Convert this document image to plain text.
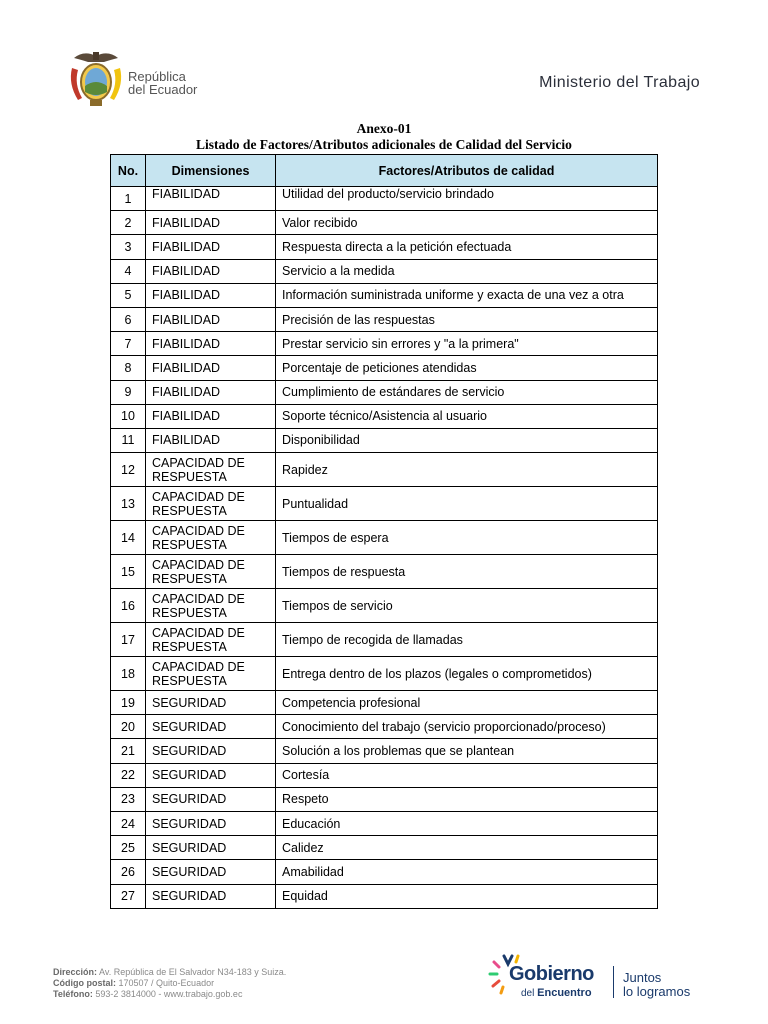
República
del Ecuador	Ministerio del Trabajo
Anexo-01
Listado de Factores/Atributos adicionales de Calidad del Servicio
No.	Dimensiones	Factores/Atributos de calidad
1	FIABILIDAD	Utilidad del producto/servicio brindado
2	FIABILIDAD	Valor recibido
3	FIABILIDAD	Respuesta directa a la petición efectuada
4	FIABILIDAD	Servicio a la medida
5	FIABILIDAD	Información suministrada uniforme y exacta de una vez a otra
6	FIABILIDAD	Precisión de las respuestas
7	FIABILIDAD	Prestar servicio sin errores y "a la primera"
8	FIABILIDAD	Porcentaje de peticiones atendidas
9	FIABILIDAD	Cumplimiento de estándares de servicio
10	FIABILIDAD	Soporte técnico/Asistencia al usuario
11	FIABILIDAD	Disponibilidad
12	CAPACIDAD DE RESPUESTA	Rapidez
13	CAPACIDAD DE RESPUESTA	Puntualidad
14	CAPACIDAD DE RESPUESTA	Tiempos de espera
15	CAPACIDAD DE RESPUESTA	Tiempos de respuesta
16	CAPACIDAD DE RESPUESTA	Tiempos de servicio
17	CAPACIDAD DE RESPUESTA	Tiempo de recogida de llamadas
18	CAPACIDAD DE RESPUESTA	Entrega dentro de los plazos (legales o comprometidos)
19	SEGURIDAD	Competencia profesional
20	SEGURIDAD	Conocimiento del trabajo (servicio proporcionado/proceso)
21	SEGURIDAD	Solución a los problemas que se plantean
22	SEGURIDAD	Cortesía
23	SEGURIDAD	Respeto
24	SEGURIDAD	Educación
25	SEGURIDAD	Calidez
26	SEGURIDAD	Amabilidad
27	SEGURIDAD	Equidad
Dirección: Av. República de El Salvador N34-183 y Suiza.
Código postal: 170507 / Quito-Ecuador
Teléfono: 593-2 3814000 - www.trabajo.gob.ec
Gobierno
del Encuentro
Juntos
lo logramos
